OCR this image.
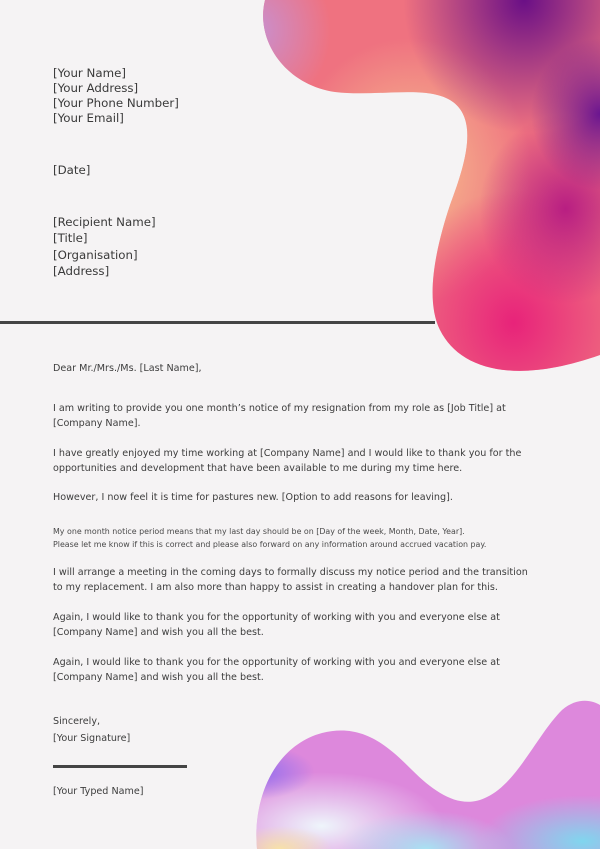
[Your Name]
[Your Address]
[Your Phone Number]
[Your Email]
[Date]
[Recipient Name]
[Title]
[Organisation]
[Address]
Dear Mr./Mrs./Ms. [Last Name],
I am writing to provide you one month’s notice of my resignation from my role as [Job Title] at
[Company Name].
I have greatly enjoyed my time working at [Company Name] and I would like to thank you for the
opportunities and development that have been available to me during my time here.
However, I now feel it is time for pastures new. [Option to add reasons for leaving].
My one month notice period means that my last day should be on [Day of the week, Month, Date, Year].
Please let me know if this is correct and please also forward on any information around accrued vacation pay.
I will arrange a meeting in the coming days to formally discuss my notice period and the transition
to my replacement. I am also more than happy to assist in creating a handover plan for this.
Again, I would like to thank you for the opportunity of working with you and everyone else at
[Company Name] and wish you all the best.
Again, I would like to thank you for the opportunity of working with you and everyone else at
[Company Name] and wish you all the best.
Sincerely,
[Your Signature]
[Your Typed Name]
